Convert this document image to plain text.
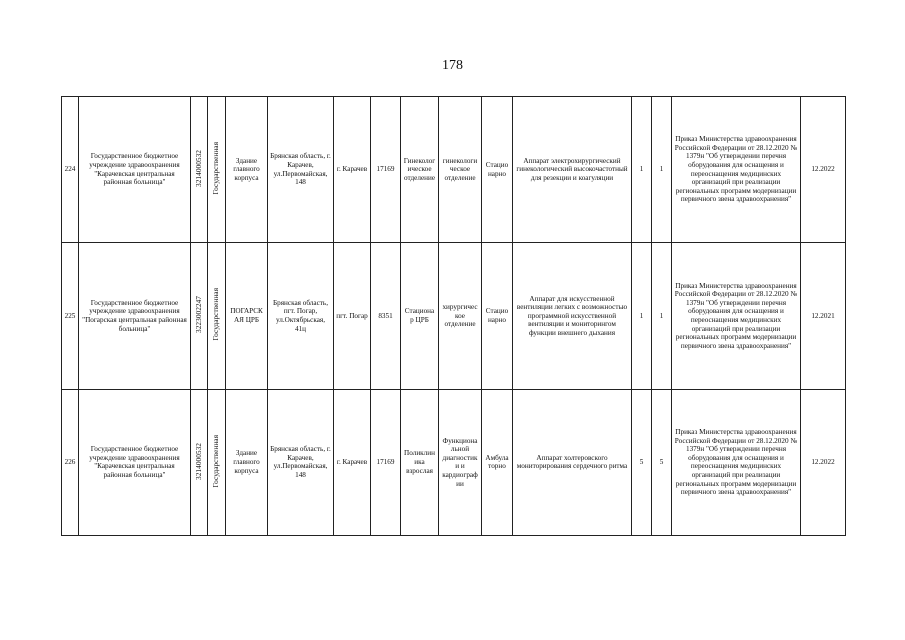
178
224	Государственное бюджетное учреждение здравоохранения "Карачевская центральная районная больница"	3214000532	Государственная	Здание главного корпуса	Брянская область, г. Карачев, ул.Первомайская, 148	г. Карачев	17169	Гинекологическое отделение	гинекологическое отделение	Стационарно	Аппарат электрохирургический гинекологический высокочастотный для резекции и коагуляции	1	1	Приказ Министерства здравоохранения Российской Федерации от 28.12.2020 № 1379н "Об утверждении перечня оборудования для оснащения и переоснащения медицинских организаций при реализации региональных программ модернизации первичного звена здравоохранения"	12.2022
225	Государственное бюджетное учреждение здравоохранения "Погарская центральная районная больница"	3223002247	Государственная	ПОГАРСКАЯ ЦРБ	Брянская область, пгт. Погар, ул.Октябрьская, 41ц	пгт. Погар	8351	Стационар ЦРБ	хирургическое отделение	Стационарно	Аппарат для искусственной вентиляции легких с возможностью программной искусственной вентиляции и мониторингом функции внешнего дыхания	1	1	Приказ Министерства здравоохранения Российской Федерации от 28.12.2020 № 1379н "Об утверждении перечня оборудования для оснащения и переоснащения медицинских организаций при реализации региональных программ модернизации первичного звена здравоохранения"	12.2021
226	Государственное бюджетное учреждение здравоохранения "Карачевская центральная районная больница"	3214000532	Государственная	Здание главного корпуса	Брянская область, г. Карачев, ул.Первомайская, 148	г. Карачев	17169	Поликлиника взрослая	Функциональной диагностики и кардиографии	Амбулаторно	Аппарат холтеровского мониторирования сердечного ритма	5	5	Приказ Министерства здравоохранения Российской Федерации от 28.12.2020 № 1379н "Об утверждении перечня оборудования для оснащения и переоснащения медицинских организаций при реализации региональных программ модернизации первичного звена здравоохранения"	12.2022
